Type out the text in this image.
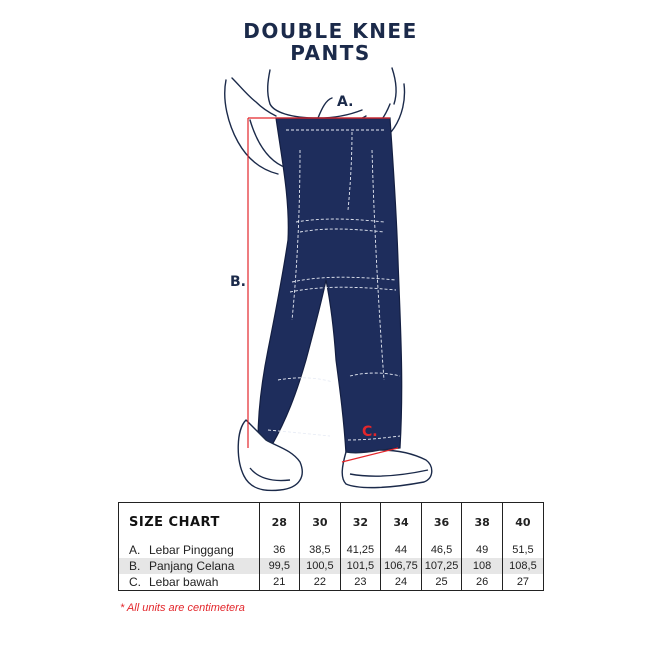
DOUBLE KNEE
PANTS
A.
B.
C.
SIZE CHART	28	30	32	34	36	38	40
A. Lebar Pinggang	36	38,5	41,25	44	46,5	49	51,5
B. Panjang Celana	99,5	100,5	101,5	106,75	107,25	108	108,5
C. Lebar bawah	21	22	23	24	25	26	27
* All units are centimetera
